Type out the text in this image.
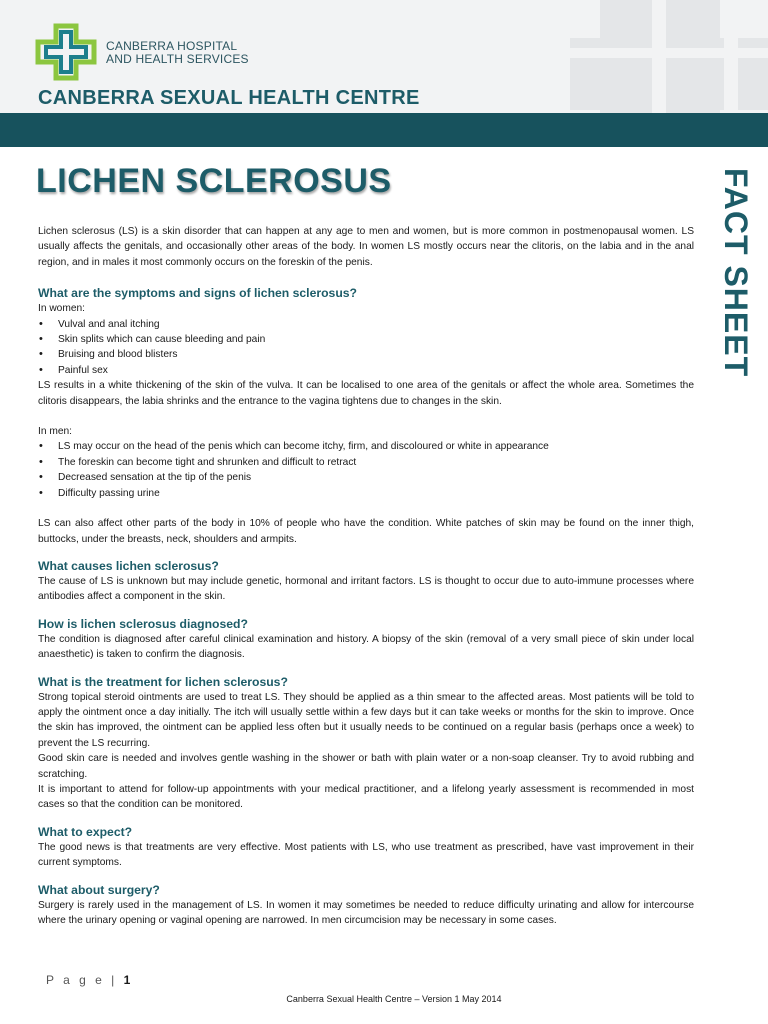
CANBERRA HOSPITAL
AND HEALTH SERVICES
CANBERRA SEXUAL HEALTH CENTRE
FACT SHEET
LICHEN SCLEROSUS

Lichen sclerosus (LS) is a skin disorder that can happen at any age to men and women, but is more common in postmenopausal women. LS usually affects the genitals, and occasionally other areas of the body. In women LS mostly occurs near the clitoris, on the labia and in the anal region, and in males it most commonly occurs on the foreskin of the penis.

What are the symptoms and signs of lichen sclerosus?

In women:

• Vulval and anal itching
• Skin splits which can cause bleeding and pain
• Bruising and blood blisters
• Painful sex

LS results in a white thickening of the skin of the vulva. It can be localised to one area of the genitals or affect the whole area. Sometimes the clitoris disappears, the labia shrinks and the entrance to the vagina tightens due to changes in the skin.

In men:

• LS may occur on the head of the penis which can become itchy, firm, and discoloured or white in appearance
• The foreskin can become tight and shrunken and difficult to retract
• Decreased sensation at the tip of the penis
• Difficulty passing urine

LS can also affect other parts of the body in 10% of people who have the condition. White patches of skin may be found on the inner thigh, buttocks, under the breasts, neck, shoulders and armpits.

What causes lichen sclerosus?

The cause of LS is unknown but may include genetic, hormonal and irritant factors. LS is thought to occur due to auto-immune processes where antibodies affect a component in the skin.

How is lichen sclerosus diagnosed?

The condition is diagnosed after careful clinical examination and history. A biopsy of the skin (removal of a very small piece of skin under local anaesthetic) is taken to confirm the diagnosis.

What is the treatment for lichen sclerosus?

Strong topical steroid ointments are used to treat LS. They should be applied as a thin smear to the affected areas. Most patients will be told to apply the ointment once a day initially. The itch will usually settle within a few days but it can take weeks or months for the skin to improve. Once the skin has improved, the ointment can be applied less often but it usually needs to be continued on a regular basis (perhaps once a week) to prevent the LS recurring.

Good skin care is needed and involves gentle washing in the shower or bath with plain water or a non-soap cleanser. Try to avoid rubbing and scratching.

It is important to attend for follow-up appointments with your medical practitioner, and a lifelong yearly assessment is recommended in most cases so that the condition can be monitored.

What to expect?

The good news is that treatments are very effective. Most patients with LS, who use treatment as prescribed, have vast improvement in their current symptoms.

What about surgery?

Surgery is rarely used in the management of LS. In women it may sometimes be needed to reduce difficulty urinating and allow for intercourse where the urinary opening or vaginal opening are narrowed. In men circumcision may be necessary in some cases.

P a g e | 1
Canberra Sexual Health Centre – Version 1 May 2014
